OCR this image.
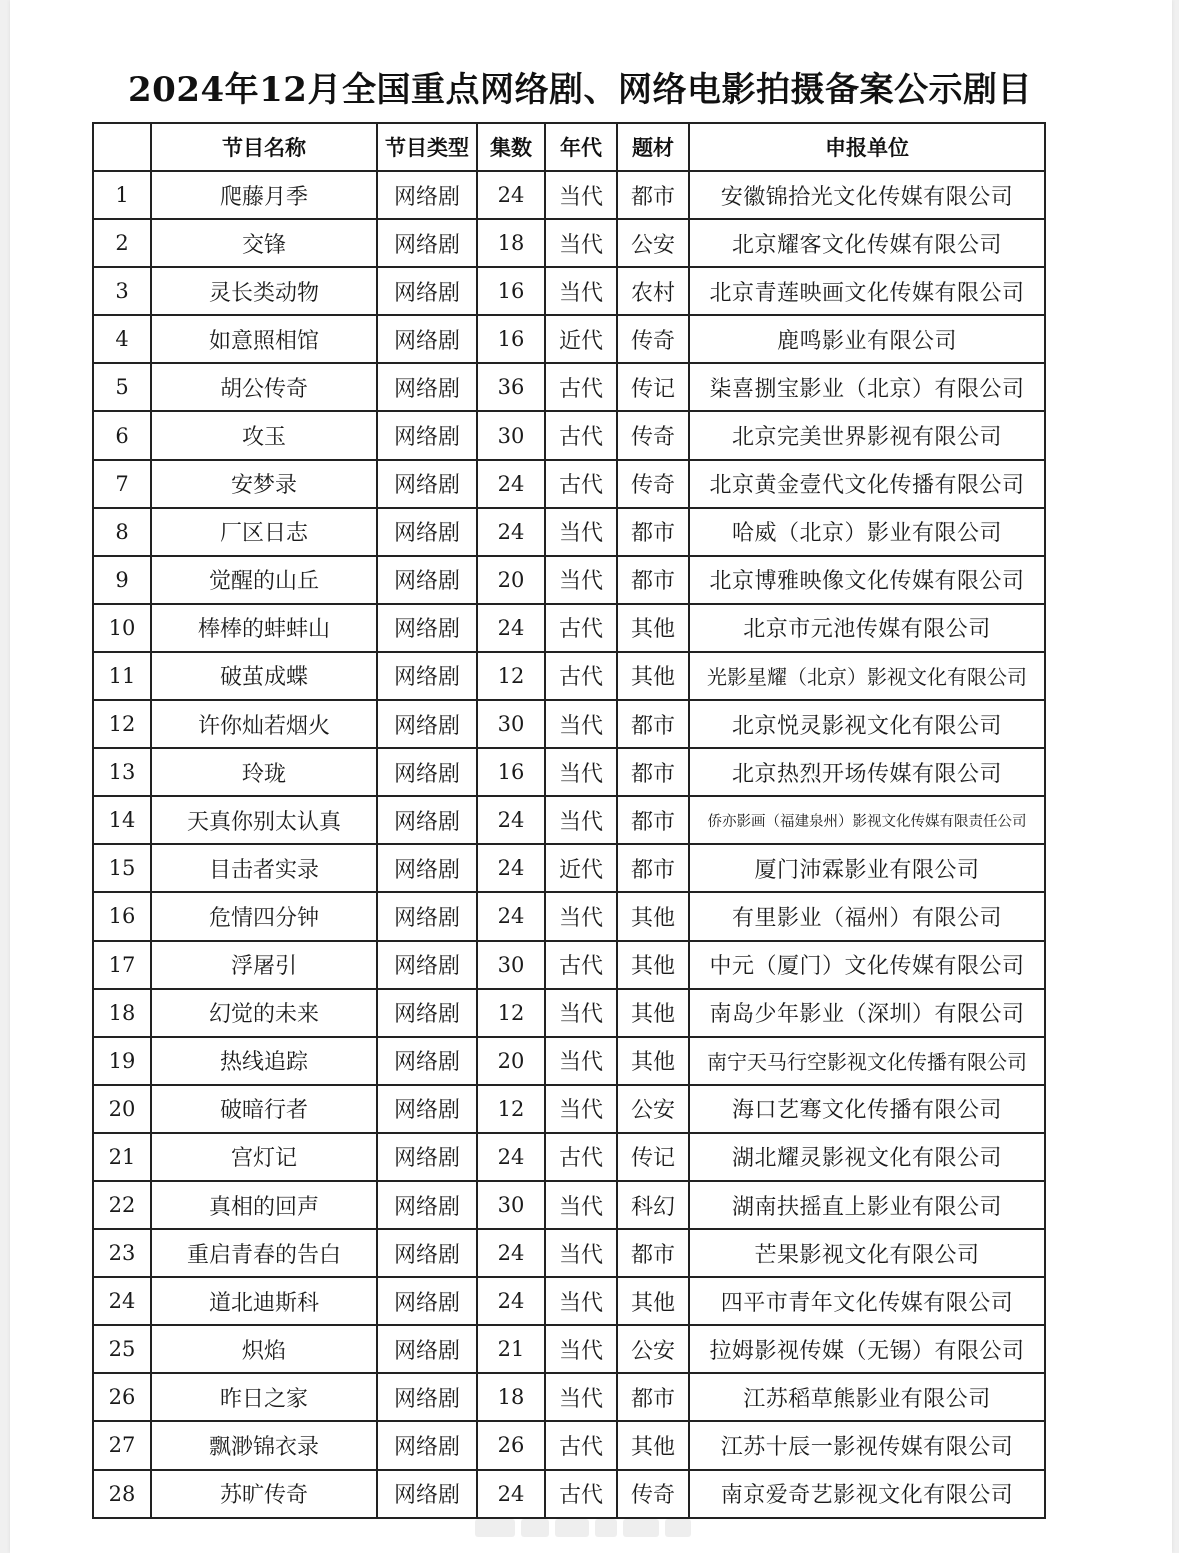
2024年12月全国重点网络剧、网络电影拍摄备案公示剧目
	节目名称	节目类型	集数	年代	题材	申报单位
1	爬藤月季	网络剧	24	当代	都市	安徽锦拾光文化传媒有限公司
2	交锋	网络剧	18	当代	公安	北京耀客文化传媒有限公司
3	灵长类动物	网络剧	16	当代	农村	北京青莲映画文化传媒有限公司
4	如意照相馆	网络剧	16	近代	传奇	鹿鸣影业有限公司
5	胡公传奇	网络剧	36	古代	传记	柒喜捌宝影业（北京）有限公司
6	攻玉	网络剧	30	古代	传奇	北京完美世界影视有限公司
7	安梦录	网络剧	24	古代	传奇	北京黄金壹代文化传播有限公司
8	厂区日志	网络剧	24	当代	都市	哈威（北京）影业有限公司
9	觉醒的山丘	网络剧	20	当代	都市	北京博雅映像文化传媒有限公司
10	棒棒的蚌蚌山	网络剧	24	古代	其他	北京市元池传媒有限公司
11	破茧成蝶	网络剧	12	古代	其他	光影星耀（北京）影视文化有限公司
12	许你灿若烟火	网络剧	30	当代	都市	北京悦灵影视文化有限公司
13	玲珑	网络剧	16	当代	都市	北京热烈开场传媒有限公司
14	天真你别太认真	网络剧	24	当代	都市	侨亦影画（福建泉州）影视文化传媒有限责任公司
15	目击者实录	网络剧	24	近代	都市	厦门沛霖影业有限公司
16	危情四分钟	网络剧	24	当代	其他	有里影业（福州）有限公司
17	浮屠引	网络剧	30	古代	其他	中元（厦门）文化传媒有限公司
18	幻觉的未来	网络剧	12	当代	其他	南岛少年影业（深圳）有限公司
19	热线追踪	网络剧	20	当代	其他	南宁天马行空影视文化传播有限公司
20	破暗行者	网络剧	12	当代	公安	海口艺骞文化传播有限公司
21	宫灯记	网络剧	24	古代	传记	湖北耀灵影视文化有限公司
22	真相的回声	网络剧	30	当代	科幻	湖南扶摇直上影业有限公司
23	重启青春的告白	网络剧	24	当代	都市	芒果影视文化有限公司
24	道北迪斯科	网络剧	24	当代	其他	四平市青年文化传媒有限公司
25	炽焰	网络剧	21	当代	公安	拉姆影视传媒（无锡）有限公司
26	昨日之家	网络剧	18	当代	都市	江苏稻草熊影业有限公司
27	飘渺锦衣录	网络剧	26	古代	其他	江苏十辰一影视传媒有限公司
28	苏旷传奇	网络剧	24	古代	传奇	南京爱奇艺影视文化有限公司
